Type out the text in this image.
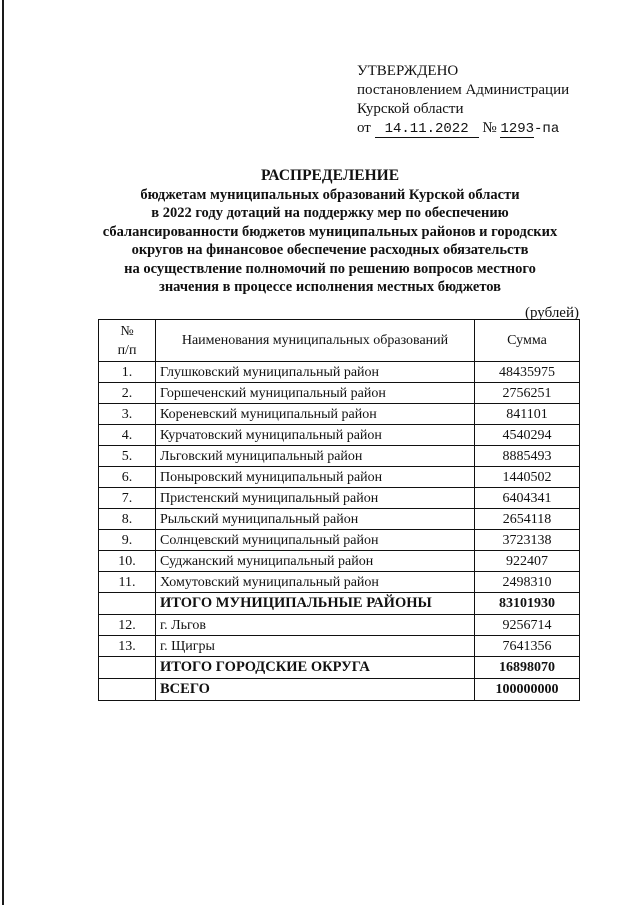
УТВЕРЖДЕНО
постановлением Администрации
Курской области
от 14.11.2022 № 1293-па
РАСПРЕДЕЛЕНИЕ
бюджетам муниципальных образований Курской области
в 2022 году дотаций на поддержку мер по обеспечению
сбалансированности бюджетов муниципальных районов и городских
округов на финансовое обеспечение расходных обязательств
на осуществление полномочий по решению вопросов местного
значения в процессе исполнения местных бюджетов
(рублей)
№
п/п	Наименования муниципальных образований	Сумма
1.	Глушковский муниципальный район	48435975
2.	Горшеченский муниципальный район	2756251
3.	Кореневский муниципальный район	841101
4.	Курчатовский муниципальный район	4540294
5.	Льговский муниципальный район	8885493
6.	Поныровский муниципальный район	1440502
7.	Пристенский муниципальный район	6404341
8.	Рыльский муниципальный район	2654118
9.	Солнцевский муниципальный район	3723138
10.	Суджанский муниципальный район	922407
11.	Хомутовский муниципальный район	2498310
	ИТОГО МУНИЦИПАЛЬНЫЕ РАЙОНЫ	83101930
12.	г. Льгов	9256714
13.	г. Щигры	7641356
	ИТОГО ГОРОДСКИЕ ОКРУГА	16898070
	ВСЕГО	100000000
